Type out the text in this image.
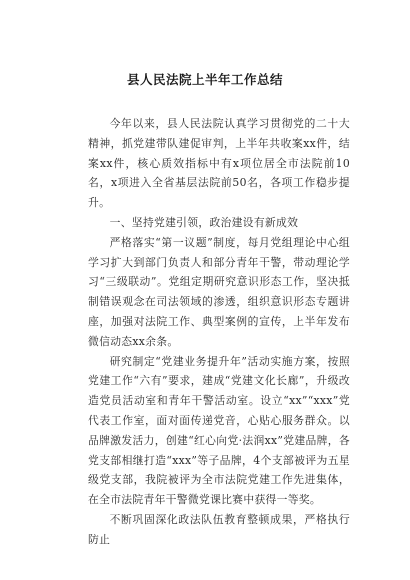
县人民法院上半年工作总结

今年以来，县人民法院认真学习贯彻党的二十大精神，抓党建带队建促审判，上半年共收案xx件，结案xx件，核心质效指标中有x项位居全市法院前10名，x项进入全省基层法院前50名，各项工作稳步提升。

一、坚持党建引领，政治建设有新成效

严格落实“第一议题”制度，每月党组理论中心组学习扩大到部门负责人和部分青年干警，带动理论学习“三级联动”。党组定期研究意识形态工作，坚决抵制错误观念在司法领域的渗透，组织意识形态专题讲座，加强对法院工作、典型案例的宣传，上半年发布微信动态xx余条。

研究制定“党建业务提升年”活动实施方案，按照党建工作“六有”要求，建成“党建文化长廊”，升级改造党员活动室和青年干警活动室。设立“xx”“xxx”党代表工作室，面对面传递党音，心贴心服务群众。以品牌激发活力，创建“红心向党·法润xx”党建品牌，各党支部相继打造“xxx”等子品牌，4个支部被评为五星级党支部，我院被评为全市法院党建工作先进集体，在全市法院青年干警微党课比赛中获得一等奖。

不断巩固深化政法队伍教育整顿成果，严格执行防止
